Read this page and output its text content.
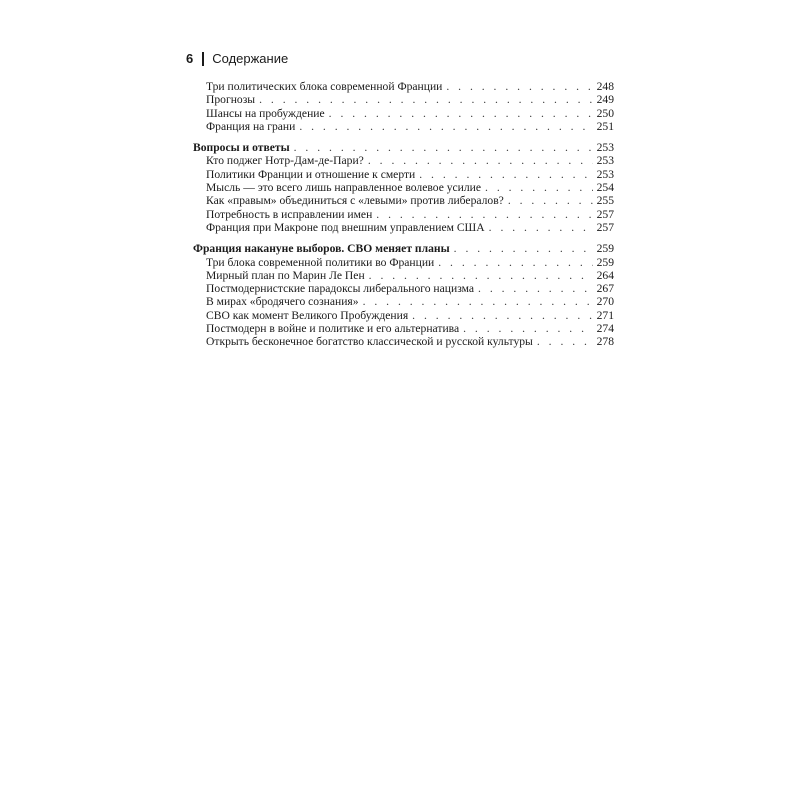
6 Содержание
Три политических блока современной Франции . . .	248
Прогнозы . . .	249
Шансы на пробуждение . . .	250
Франция на грани . . .	251
Вопросы и ответы . . .	253
Кто поджег Нотр-Дам-де-Пари? . . .	253
Политики Франции и отношение к смерти . . .	253
Мысль — это всего лишь направленное волевое усилие . . .	254
Как «правым» объединиться с «левыми» против либералов? . . .	255
Потребность в исправлении имен . . .	257
Франция при Макроне под внешним управлением США . . .	257
Франция накануне выборов. СВО меняет планы . . .	259
Три блока современной политики во Франции . . .	259
Мирный план по Марин Ле Пен . . .	264
Постмодернистские парадоксы либерального нацизма . . .	267
В мирах «бродячего сознания» . . .	270
СВО как момент Великого Пробуждения . . .	271
Постмодерн в войне и политике и его альтернатива . . .	274
Открыть бесконечное богатство классической и русской культуры . . .	278
